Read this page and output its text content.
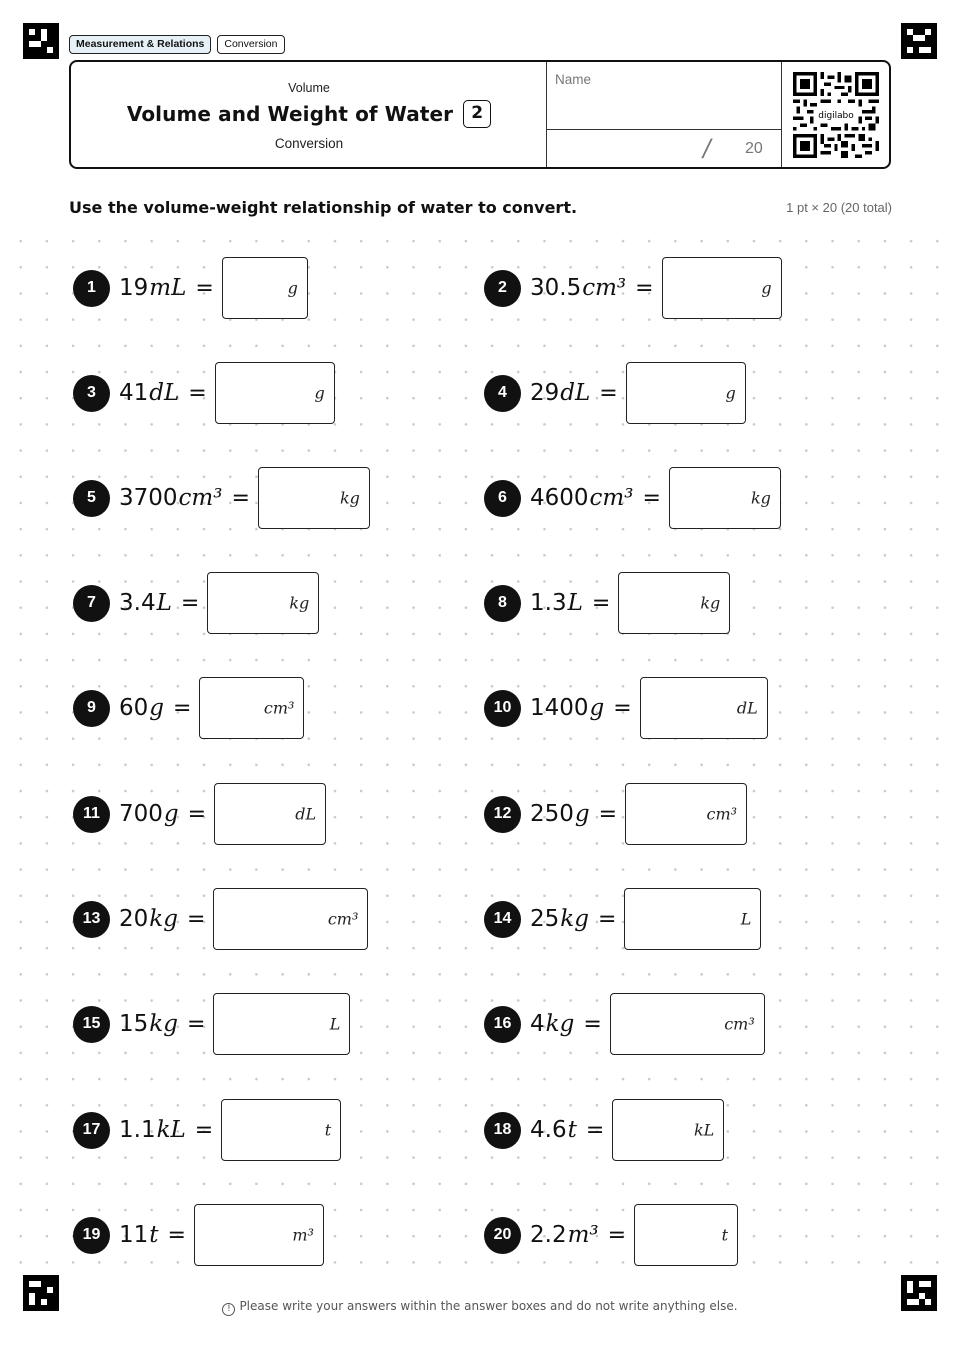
Measurement & Relations	Conversion
Volume
Volume and Weight of Water	2
Conversion
Name
/ 20
digilabo
Use the volume-weight relationship of water to convert.	1 pt × 20 (20 total)
1	19 mL =	g	2	30.5 cm³ =	g
3	41 dL =	g	4	29 dL =	g
5	3700 cm³ =	kg	6	4600 cm³ =	kg
7	3.4 L =	kg	8	1.3 L =	kg
9	60 g =	cm³	10 1400 g =	dL
11 700 g =	dL	12 250 g =	cm³
13 20 kg =	cm³	14 25 kg =	L
15 15 kg =	L	16 4 kg =	cm³
17 1.1 kL =	t	18 4.6 t =	kL
19 11 t =	m³	20 2.2 m³ =	t
! Please write your answers within the answer boxes and do not write anything else.
